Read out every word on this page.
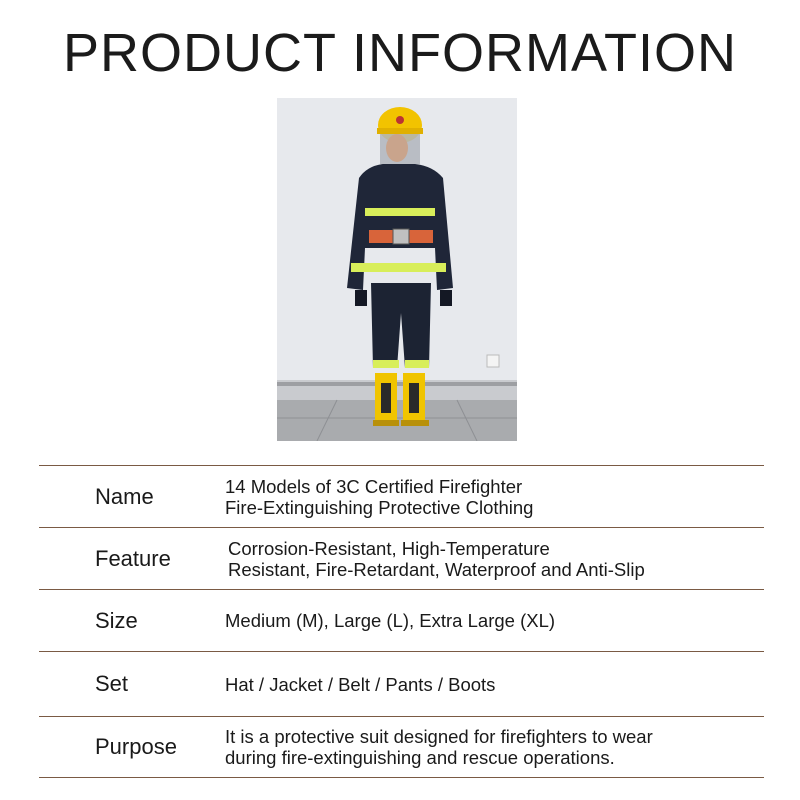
PRODUCT INFORMATION
Name	14 Models of 3C Certified Firefighter
Fire-Extinguishing Protective Clothing
Feature	Corrosion-Resistant, High-Temperature
Resistant, Fire-Retardant, Waterproof and Anti-Slip
Size	Medium (M), Large (L), Extra Large (XL)
Set	Hat / Jacket / Belt / Pants / Boots
Purpose	It is a protective suit designed for firefighters to wear
during fire-extinguishing and rescue operations.
